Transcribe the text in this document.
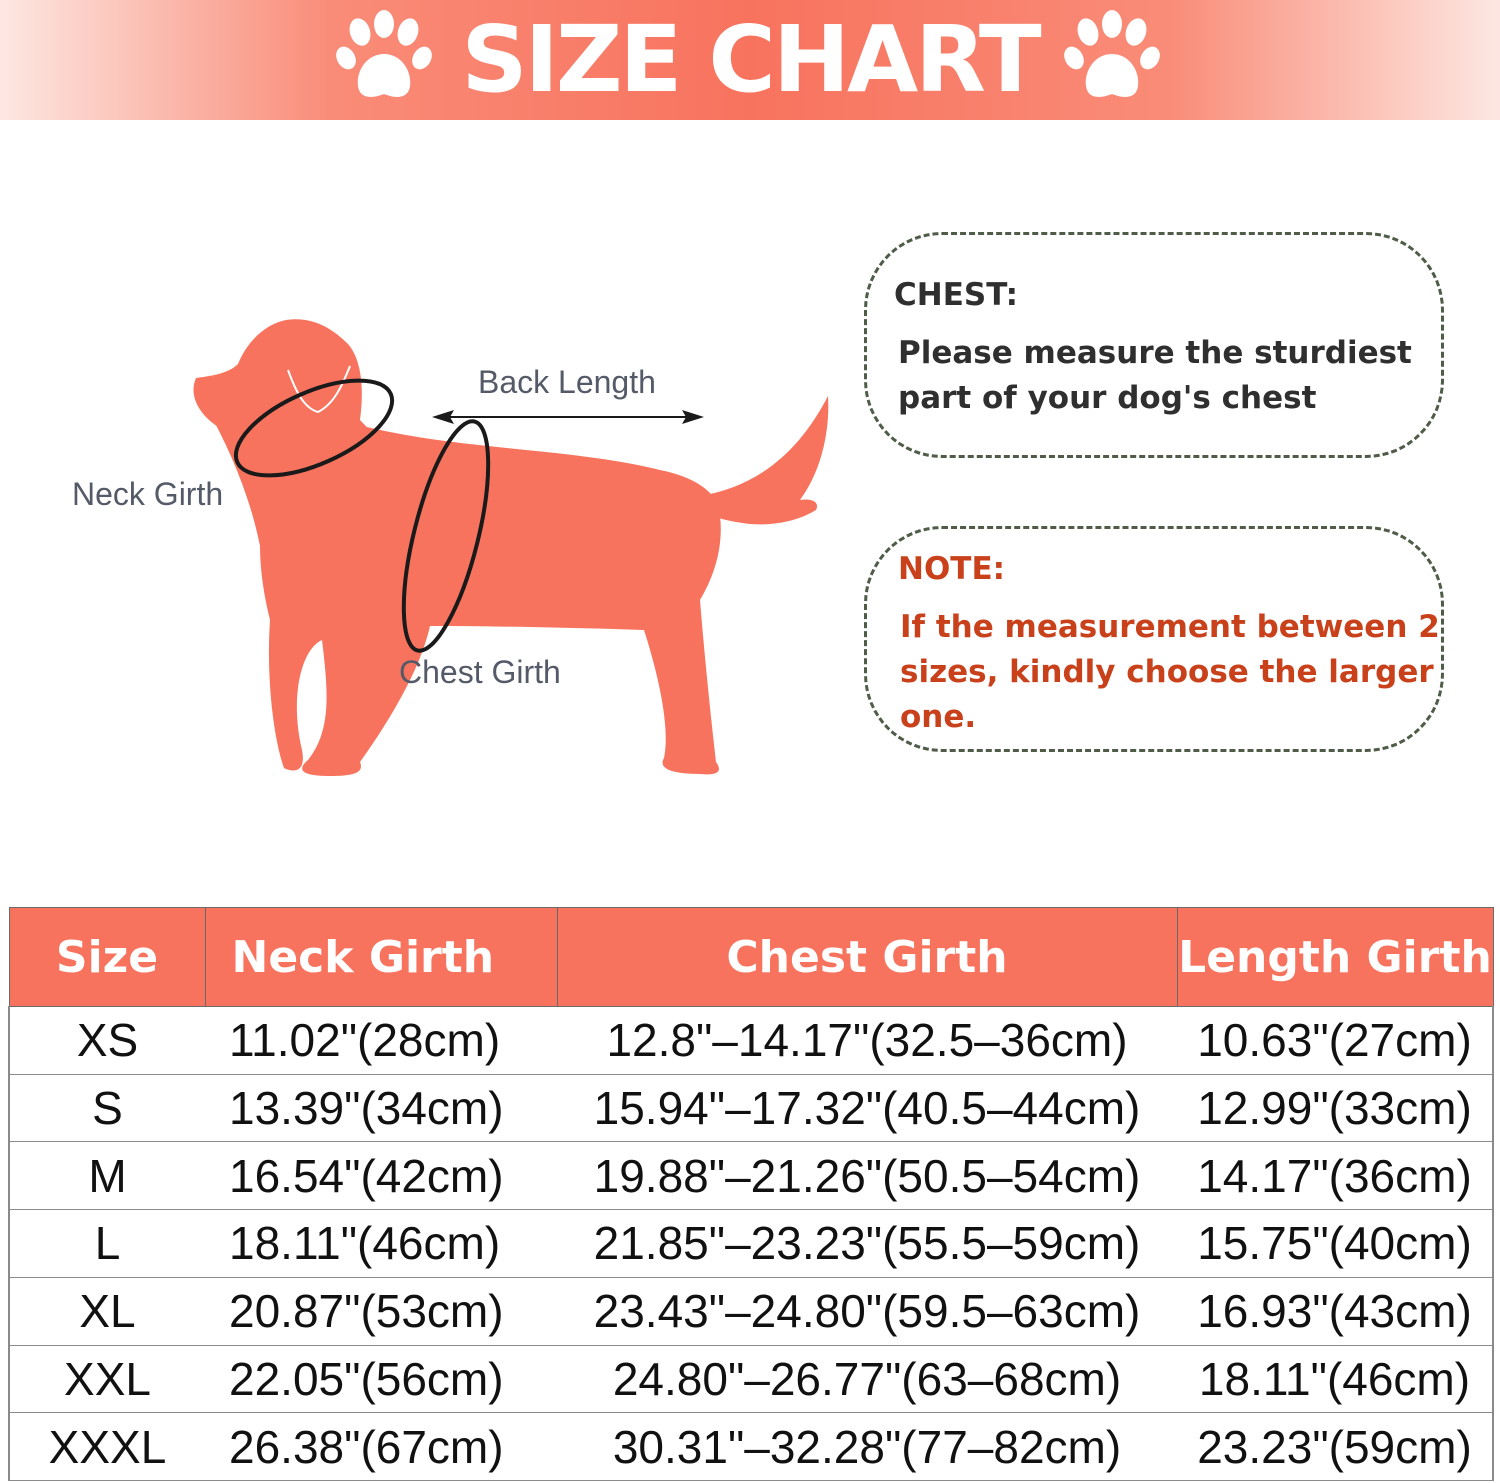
SIZE CHART
Back Length
Neck Girth
Chest Girth
CHEST:
Please measure the sturdiest part of your dog's chest
NOTE:
If the measurement between 2 sizes, kindly choose the larger one.
Size	Neck Girth	Chest Girth	Length Girth
XS	11.02"(28cm)	12.8"–14.17"(32.5–36cm)	10.63"(27cm)
S	13.39"(34cm)	15.94"–17.32"(40.5–44cm)	12.99"(33cm)
M	16.54"(42cm)	19.88"–21.26"(50.5–54cm)	14.17"(36cm)
L	18.11"(46cm)	21.85"–23.23"(55.5–59cm)	15.75"(40cm)
XL	20.87"(53cm)	23.43"–24.80"(59.5–63cm)	16.93"(43cm)
XXL	22.05"(56cm)	24.80"–26.77"(63–68cm)	18.11"(46cm)
XXXL	26.38"(67cm)	30.31"–32.28"(77–82cm)	23.23"(59cm)
